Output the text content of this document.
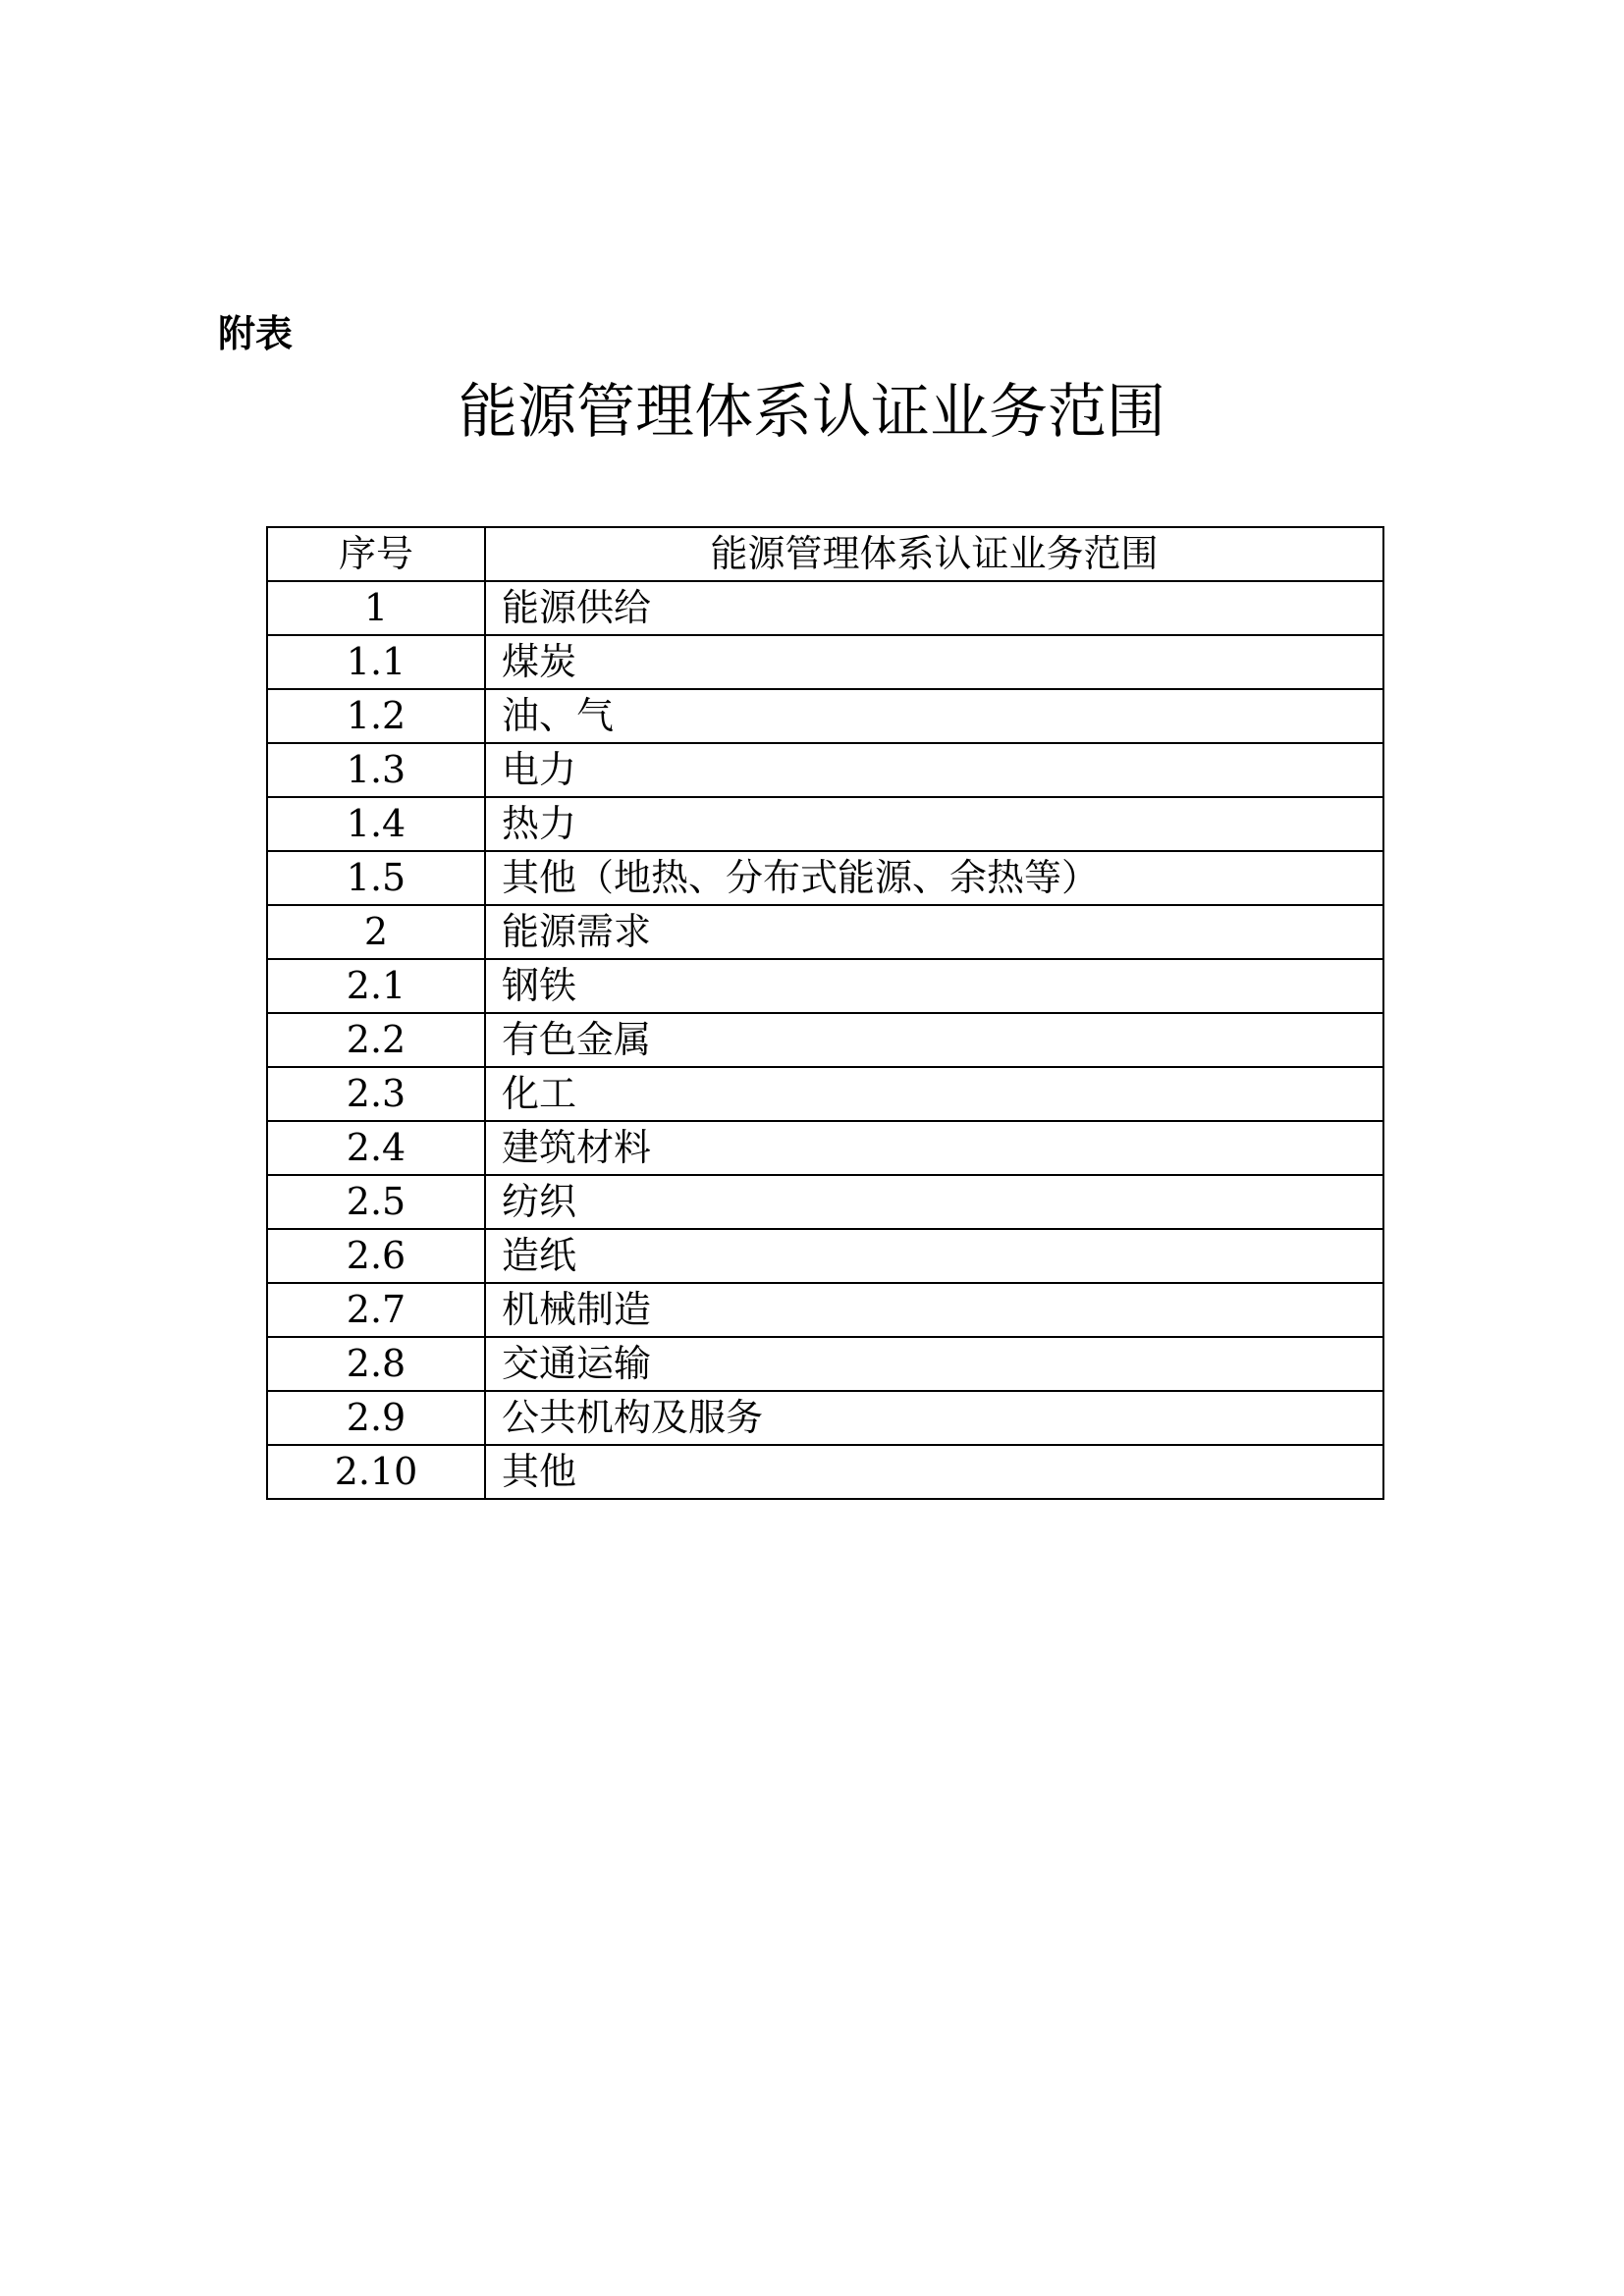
附表
能源管理体系认证业务范围
序号	能源管理体系认证业务范围
1	能源供给
1.1	煤炭
1.2	油、气
1.3	电力
1.4	热力
1.5	其他（地热、分布式能源、余热等）
2	能源需求
2.1	钢铁
2.2	有色金属
2.3	化工
2.4	建筑材料
2.5	纺织
2.6	造纸
2.7	机械制造
2.8	交通运输
2.9	公共机构及服务
2.10	其他
